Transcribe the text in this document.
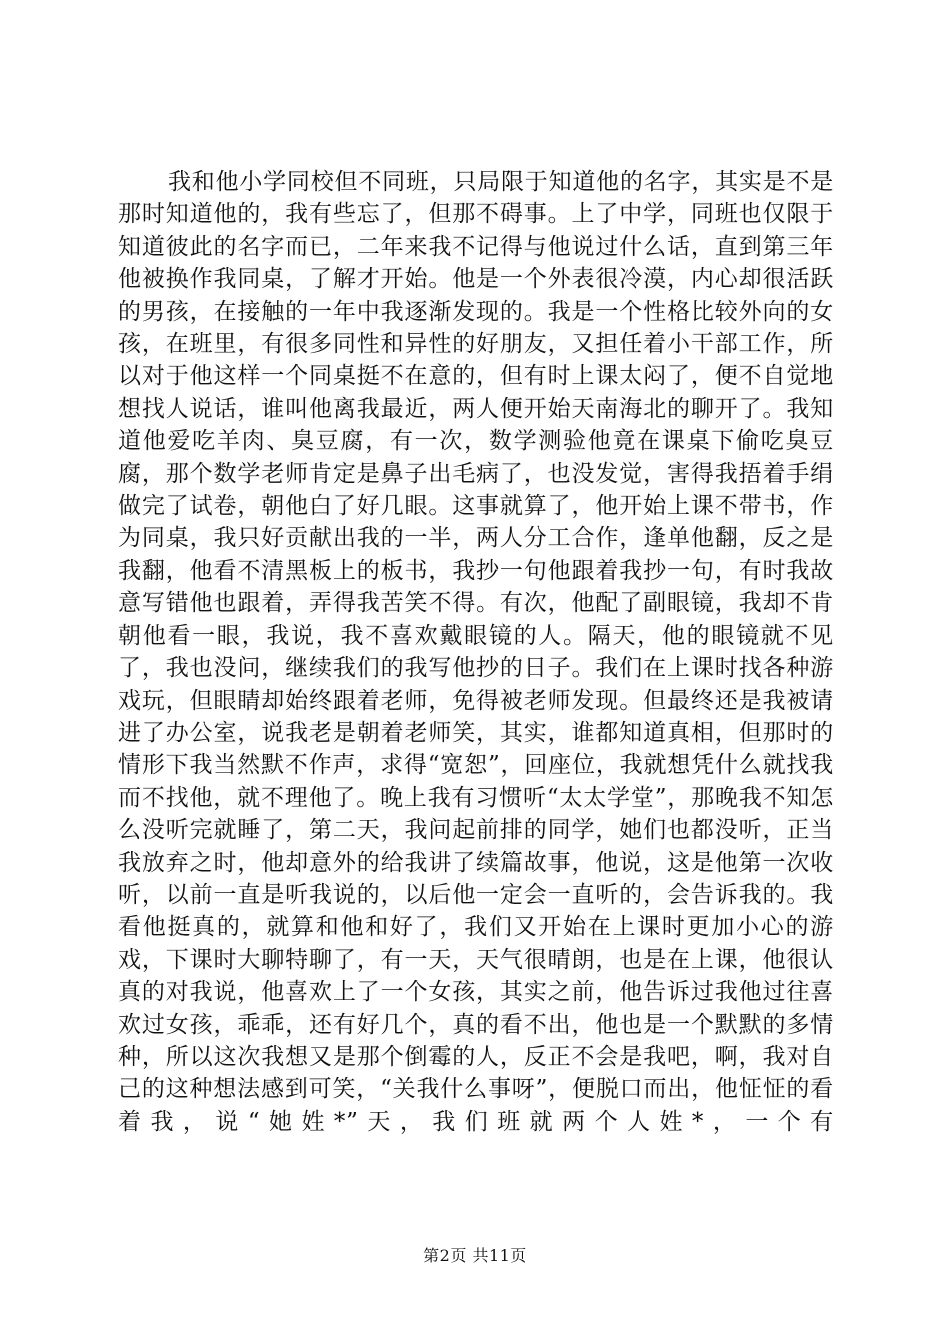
我和他小学同校但不同班，只局限于知道他的名字，其实是不是那时知道他的，我有些忘了，但那不碍事。上了中学，同班也仅限于知道彼此的名字而已，二年来我不记得与他说过什么话，直到第三年他被换作我同桌，了解才开始。他是一个外表很冷漠，内心却很活跃的男孩，在接触的一年中我逐渐发现的。我是一个性格比较外向的女孩，在班里，有很多同性和异性的好朋友，又担任着小干部工作，所以对于他这样一个同桌挺不在意的，但有时上课太闷了，便不自觉地想找人说话，谁叫他离我最近，两人便开始天南海北的聊开了。我知道他爱吃羊肉、臭豆腐，有一次，数学测验他竟在课桌下偷吃臭豆腐，那个数学老师肯定是鼻子出毛病了，也没发觉，害得我捂着手绢做完了试卷，朝他白了好几眼。这事就算了，他开始上课不带书，作为同桌，我只好贡献出我的一半，两人分工合作，逢单他翻，反之是我翻，他看不清黑板上的板书，我抄一句他跟着我抄一句，有时我故意写错他也跟着，弄得我苦笑不得。有次，他配了副眼镜，我却不肯朝他看一眼，我说，我不喜欢戴眼镜的人。隔天，他的眼镜就不见了，我也没问，继续我们的我写他抄的日子。我们在上课时找各种游戏玩，但眼睛却始终跟着老师，免得被老师发现。但最终还是我被请进了办公室，说我老是朝着老师笑，其实，谁都知道真相，但那时的情形下我当然默不作声，求得“宽恕”，回座位，我就想凭什么就找我而不找他，就不理他了。晚上我有习惯听“太太学堂”，那晚我不知怎么没听完就睡了，第二天，我问起前排的同学，她们也都没听，正当我放弃之时，他却意外的给我讲了续篇故事，他说，这是他第一次收听，以前一直是听我说的，以后他一定会一直听的，会告诉我的。我看他挺真的，就算和他和好了，我们又开始在上课时更加小心的游戏，下课时大聊特聊了，有一天，天气很晴朗，也是在上课，他很认真的对我说，他喜欢上了一个女孩，其实之前，他告诉过我他过往喜欢过女孩，乖乖，还有好几个，真的看不出，他也是一个默默的多情种，所以这次我想又是那个倒霉的人，反正不会是我吧，啊，我对自己的这种想法感到可笑，“关我什么事呀”，便脱口而出，他怔怔的看着我，说“她姓*”天，我们班就两个人姓*，一个有

第2页 共11页
